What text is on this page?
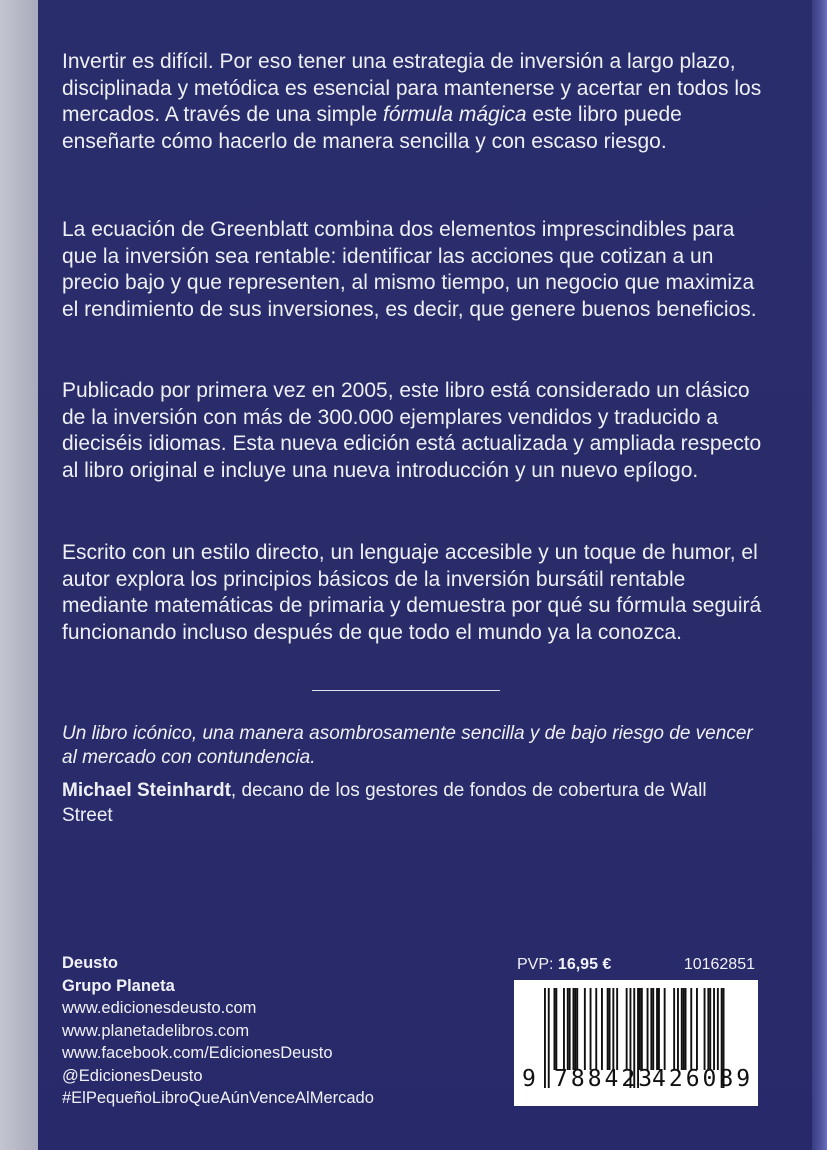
Invertir es difícil. Por eso tener una estrategia de inversión a largo plazo, disciplinada y metódica es esencial para mantenerse y acertar en todos los mercados. A través de una simple fórmula mágica este libro puede enseñarte cómo hacerlo de manera sencilla y con escaso riesgo.

La ecuación de Greenblatt combina dos elementos imprescindibles para que la inversión sea rentable: identificar las acciones que cotizan a un precio bajo y que representen, al mismo tiempo, un negocio que maximiza el rendimiento de sus inversiones, es decir, que genere buenos beneficios.

Publicado por primera vez en 2005, este libro está considerado un clásico de la inversión con más de 300.000 ejemplares vendidos y traducido a dieciséis idiomas. Esta nueva edición está actualizada y ampliada respecto al libro original e incluye una nueva introducción y un nuevo epílogo.

Escrito con un estilo directo, un lenguaje accesible y un toque de humor, el autor explora los principios básicos de la inversión bursátil rentable mediante matemáticas de primaria y demuestra por qué su fórmula seguirá funcionando incluso después de que todo el mundo ya la conozca.

Un libro icónico, una manera asombrosamente sencilla y de bajo riesgo de vencer al mercado con contundencia.

Michael Steinhardt, decano de los gestores de fondos de cobertura de Wall Street

Deusto
Grupo Planeta
www.edicionesdeusto.com
www.planetadelibros.com
www.facebook.com/EdicionesDeusto
@EdicionesDeusto
#ElPequeñoLibroQueAúnVenceAlMercado
PVP: 16,95 €	10162851
9 788423
426089
